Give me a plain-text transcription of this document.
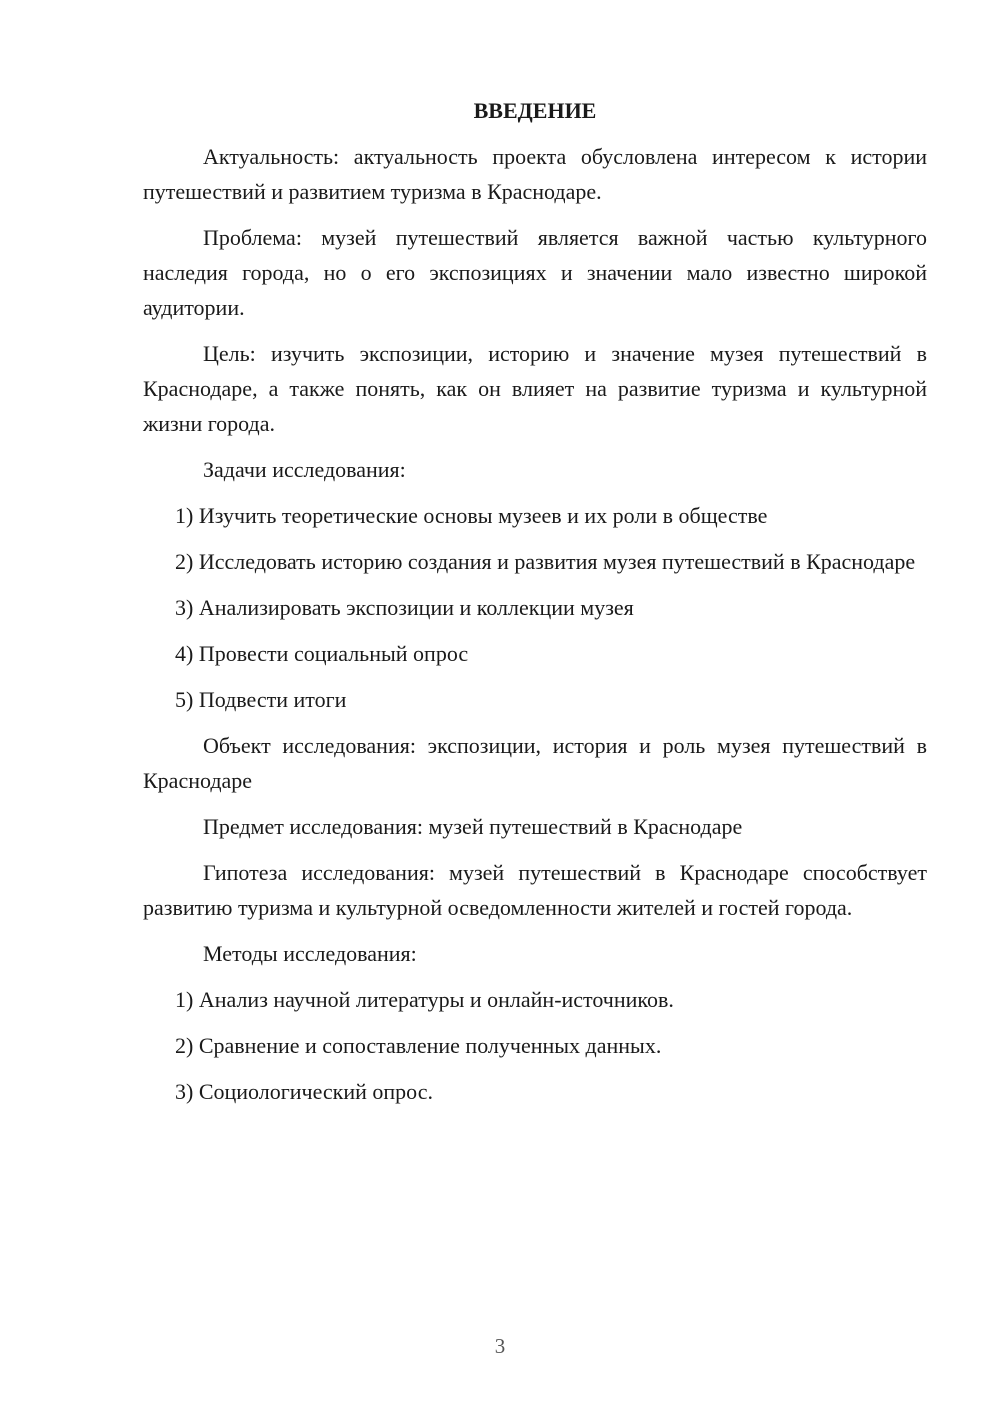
ВВЕДЕНИЕ

Актуальность: актуальность проекта обусловлена интересом к истории путешествий и развитием туризма в Краснодаре.

Проблема: музей путешествий является важной частью культурного наследия города, но о его экспозициях и значении мало известно широкой аудитории.

Цель: изучить экспозиции, историю и значение музея путешествий в Краснодаре, а также понять, как он влияет на развитие туризма и культурной жизни города.

Задачи исследования:

1) Изучить теоретические основы музеев и их роли в обществе

2) Исследовать историю создания и развития музея путешествий в Краснодаре

3) Анализировать экспозиции и коллекции музея

4) Провести социальный опрос

5) Подвести итоги

Объект исследования: экспозиции, история и роль музея путешествий в Краснодаре

Предмет исследования: музей путешествий в Краснодаре

Гипотеза исследования: музей путешествий в Краснодаре способствует развитию туризма и культурной осведомленности жителей и гостей города.

Методы исследования:

1) Анализ научной литературы и онлайн-источников.

2) Сравнение и сопоставление полученных данных.

3) Социологический опрос.

3
